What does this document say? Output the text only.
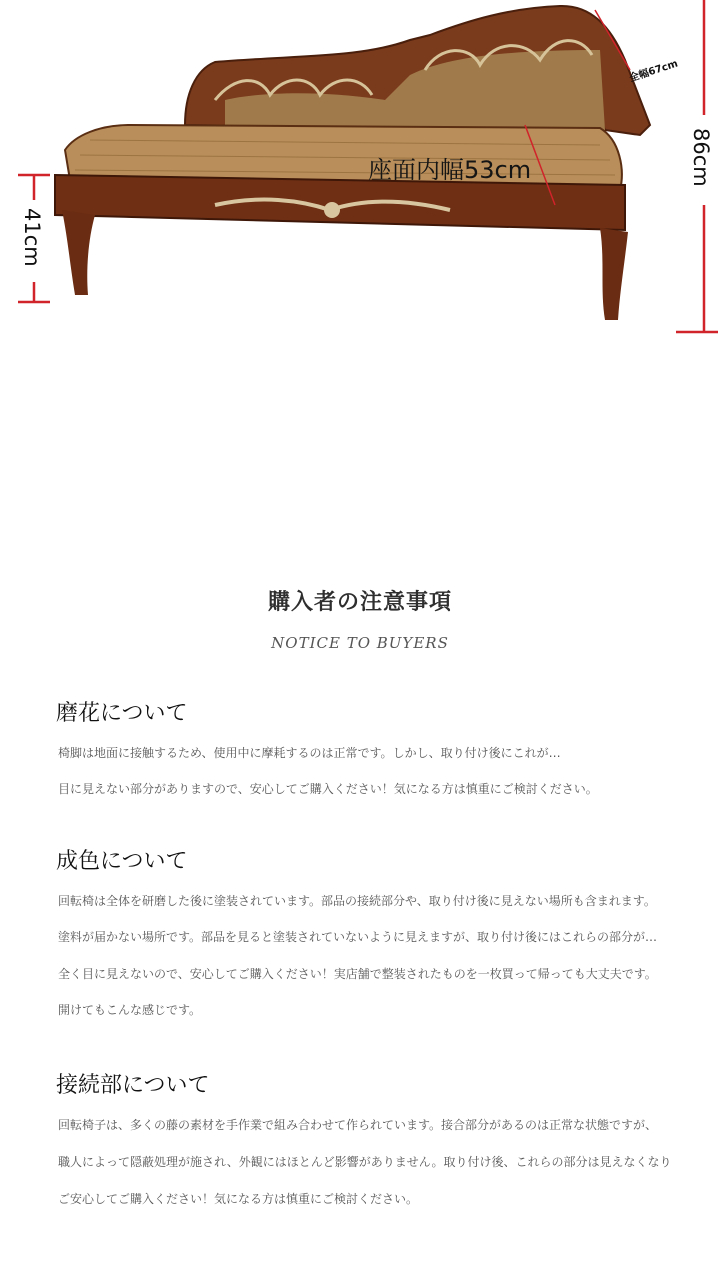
41cm
86cm
全幅67cm
座面内幅53cm
購入者の注意事項
NOTICE TO BUYERS
磨花について
椅脚は地面に接触するため、使用中に摩耗するのは正常です。しかし、取り付け後にこれが…
目に見えない部分がありますので、安心してご購入ください！気になる方は慎重にご検討ください。
成色について
回転椅は全体を研磨した後に塗装されています。部品の接続部分や、取り付け後に見えない場所も含まれます。
塗料が届かない場所です。部品を見ると塗装されていないように見えますが、取り付け後にはこれらの部分が…
全く目に見えないので、安心してご購入ください！実店舗で整装されたものを一枚買って帰っても大丈夫です。
開けてもこんな感じです。
接続部について
回転椅子は、多くの藤の素材を手作業で組み合わせて作られています。接合部分があるのは正常な状態ですが、
職人によって隠蔽処理が施され、外観にはほとんど影響がありません。取り付け後、これらの部分は見えなくなり
ご安心してご購入ください！気になる方は慎重にご検討ください。
